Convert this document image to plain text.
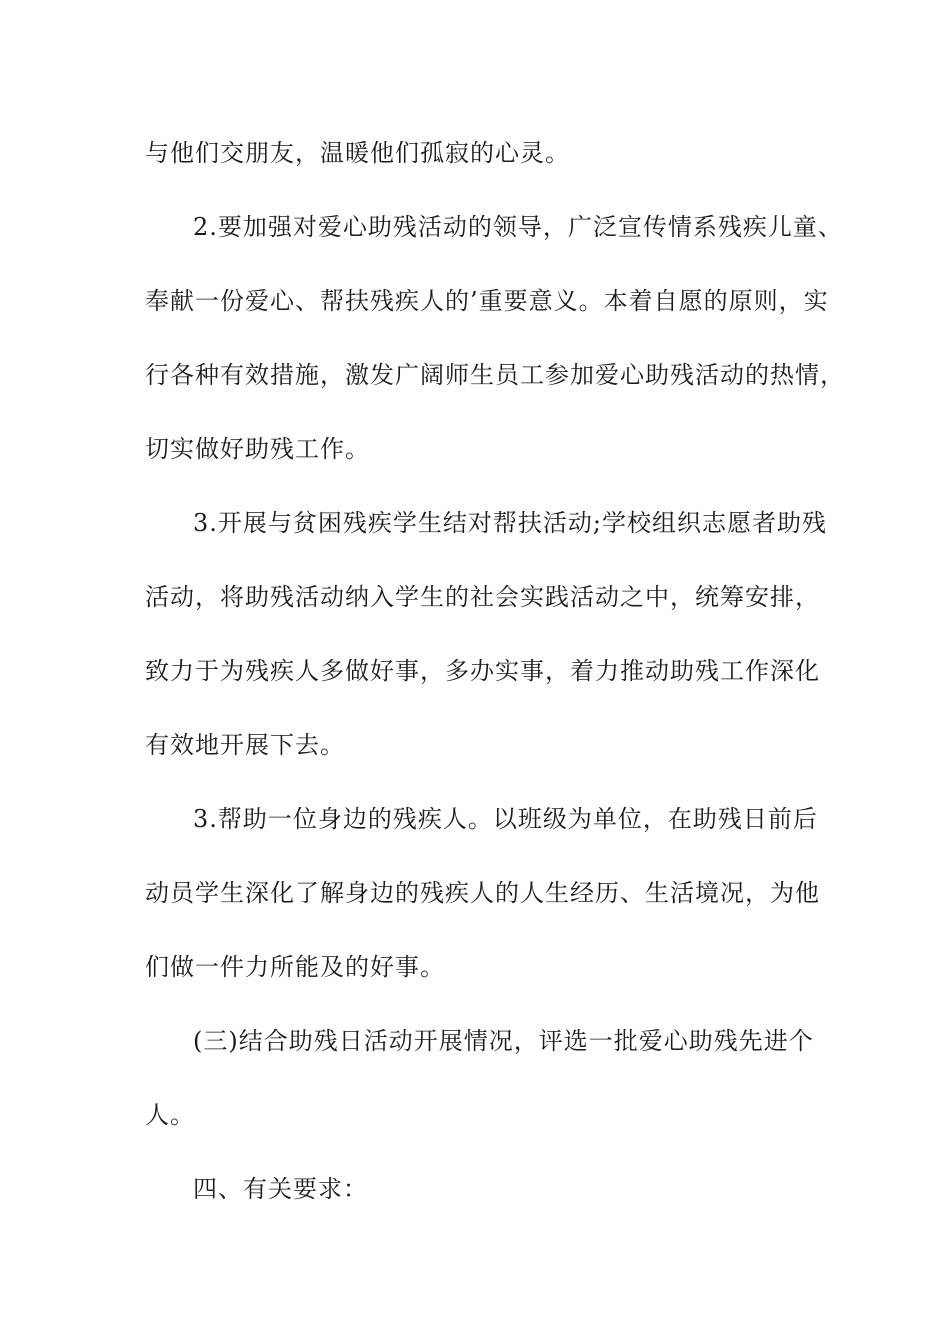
与他们交朋友，温暖他们孤寂的心灵。
2.要加强对爱心助残活动的领导，广泛宣传情系残疾儿童、
奉献一份爱心、帮扶残疾人的’重要意义。本着自愿的原则，实
行各种有效措施，激发广阔师生员工参加爱心助残活动的热情，
切实做好助残工作。
3.开展与贫困残疾学生结对帮扶活动;学校组织志愿者助残
活动，将助残活动纳入学生的社会实践活动之中，统筹安排，
致力于为残疾人多做好事，多办实事，着力推动助残工作深化
有效地开展下去。
3.帮助一位身边的残疾人。以班级为单位，在助残日前后
动员学生深化了解身边的残疾人的人生经历、生活境况，为他
们做一件力所能及的好事。
(三)结合助残日活动开展情况，评选一批爱心助残先进个
人。
四、有关要求：
